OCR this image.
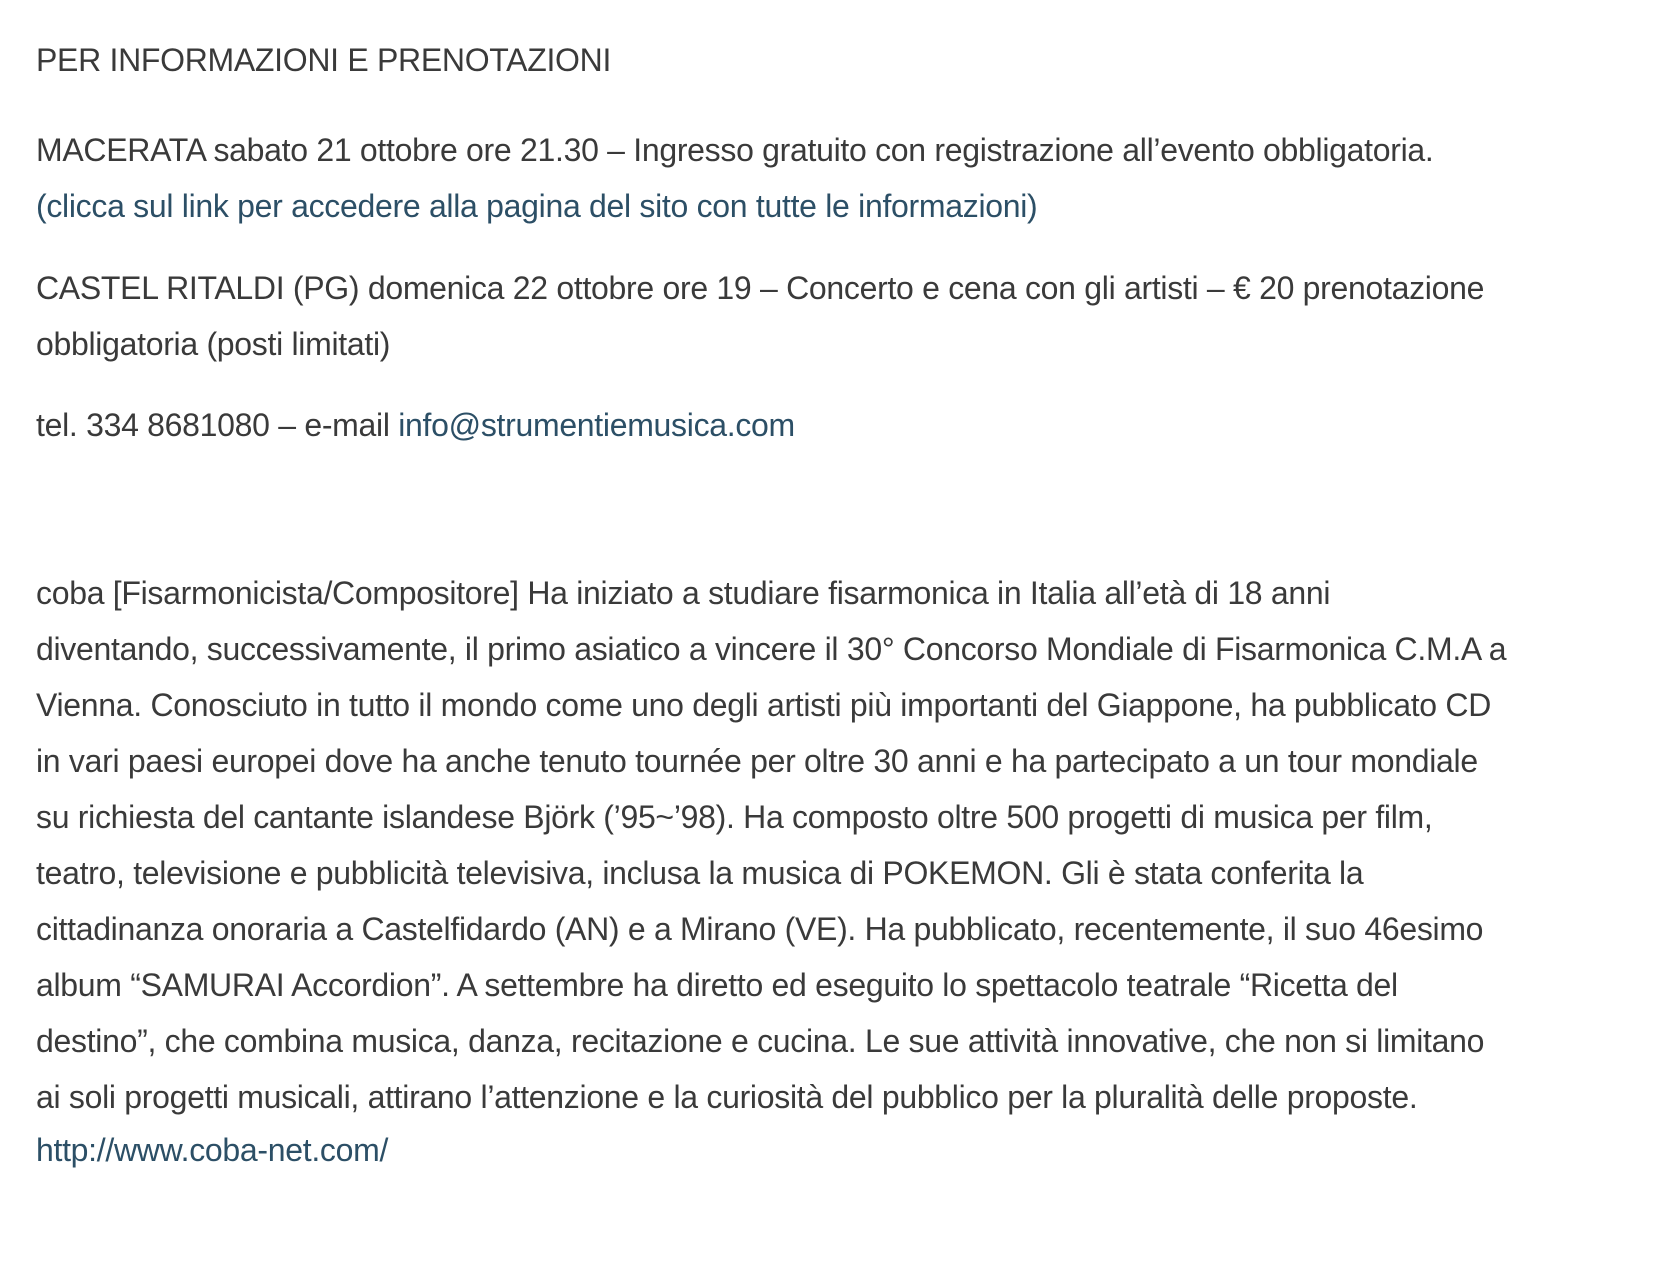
PER INFORMAZIONI E PRENOTAZIONI

MACERATA sabato 21 ottobre ore 21.30 – Ingresso gratuito con registrazione all’evento obbligatoria.
(clicca sul link per accedere alla pagina del sito con tutte le informazioni)

CASTEL RITALDI (PG) domenica 22 ottobre ore 19 – Concerto e cena con gli artisti – € 20 prenotazione
obbligatoria (posti limitati)

tel. 334 8681080 – e-mail info@strumentiemusica.com

coba [Fisarmonicista/Compositore] Ha iniziato a studiare fisarmonica in Italia all’età di 18 anni
diventando, successivamente, il primo asiatico a vincere il 30° Concorso Mondiale di Fisarmonica C.M.A a
Vienna. Conosciuto in tutto il mondo come uno degli artisti più importanti del Giappone, ha pubblicato CD
in vari paesi europei dove ha anche tenuto tournée per oltre 30 anni e ha partecipato a un tour mondiale
su richiesta del cantante islandese Björk (’95~’98). Ha composto oltre 500 progetti di musica per film,
teatro, televisione e pubblicità televisiva, inclusa la musica di POKEMON. Gli è stata conferita la
cittadinanza onoraria a Castelfidardo (AN) e a Mirano (VE). Ha pubblicato, recentemente, il suo 46esimo
album “SAMURAI Accordion”. A settembre ha diretto ed eseguito lo spettacolo teatrale “Ricetta del
destino”, che combina musica, danza, recitazione e cucina. Le sue attività innovative, che non si limitano
ai soli progetti musicali, attirano l’attenzione e la curiosità del pubblico per la pluralità delle proposte.

http://www.coba-net.com/
